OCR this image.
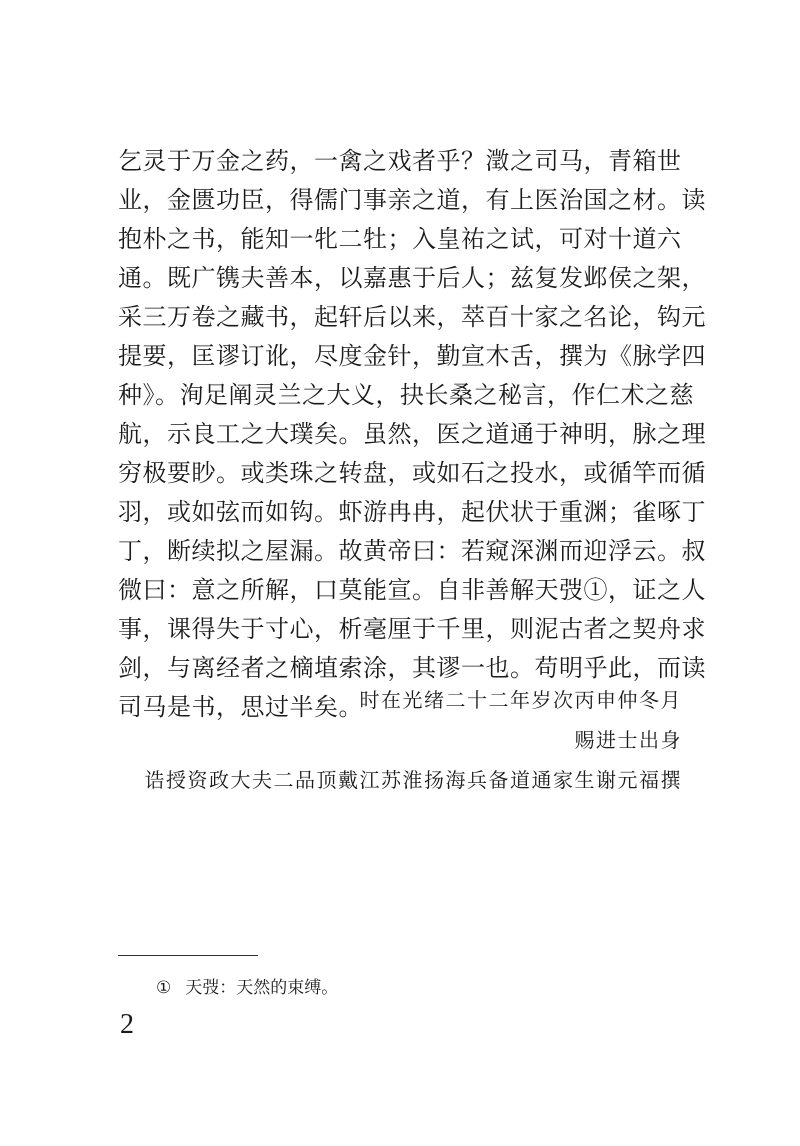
乞灵于万金之药，一禽之戏者乎？澂之司马，青箱世
业，金匮功臣，得儒门事亲之道，有上医治国之材。读
抱朴之书，能知一牝二牡；入皇祐之试，可对十道六
通。既广镌夫善本，以嘉惠于后人；兹复发邺侯之架，
采三万卷之藏书，起轩后以来，萃百十家之名论，钩元
提要，匡谬订讹，尽度金针，勤宣木舌，撰为《脉学四
种》。洵足阐灵兰之大义，抉长桑之秘言，作仁术之慈
航，示良工之大璞矣。虽然，医之道通于神明，脉之理
穷极要眇。或类珠之转盘，或如石之投水，或循竿而循
羽，或如弦而如钩。虾游冉冉，起伏状于重渊；雀啄丁
丁，断续拟之屋漏。故黄帝曰：若窥深渊而迎浮云。叔
微曰：意之所解，口莫能宣。自非善解天弢①，证之人
事，课得失于寸心，析毫厘于千里，则泥古者之契舟求
剑，与离经者之樀埴索涂，其谬一也。苟明乎此，而读
司马是书，思过半矣。
时在光绪二十二年岁次丙申仲冬月
赐进士出身
诰授资政大夫二品顶戴江苏淮扬海兵备道通家生谢元福撰
① 天弢：天然的束缚。
2
